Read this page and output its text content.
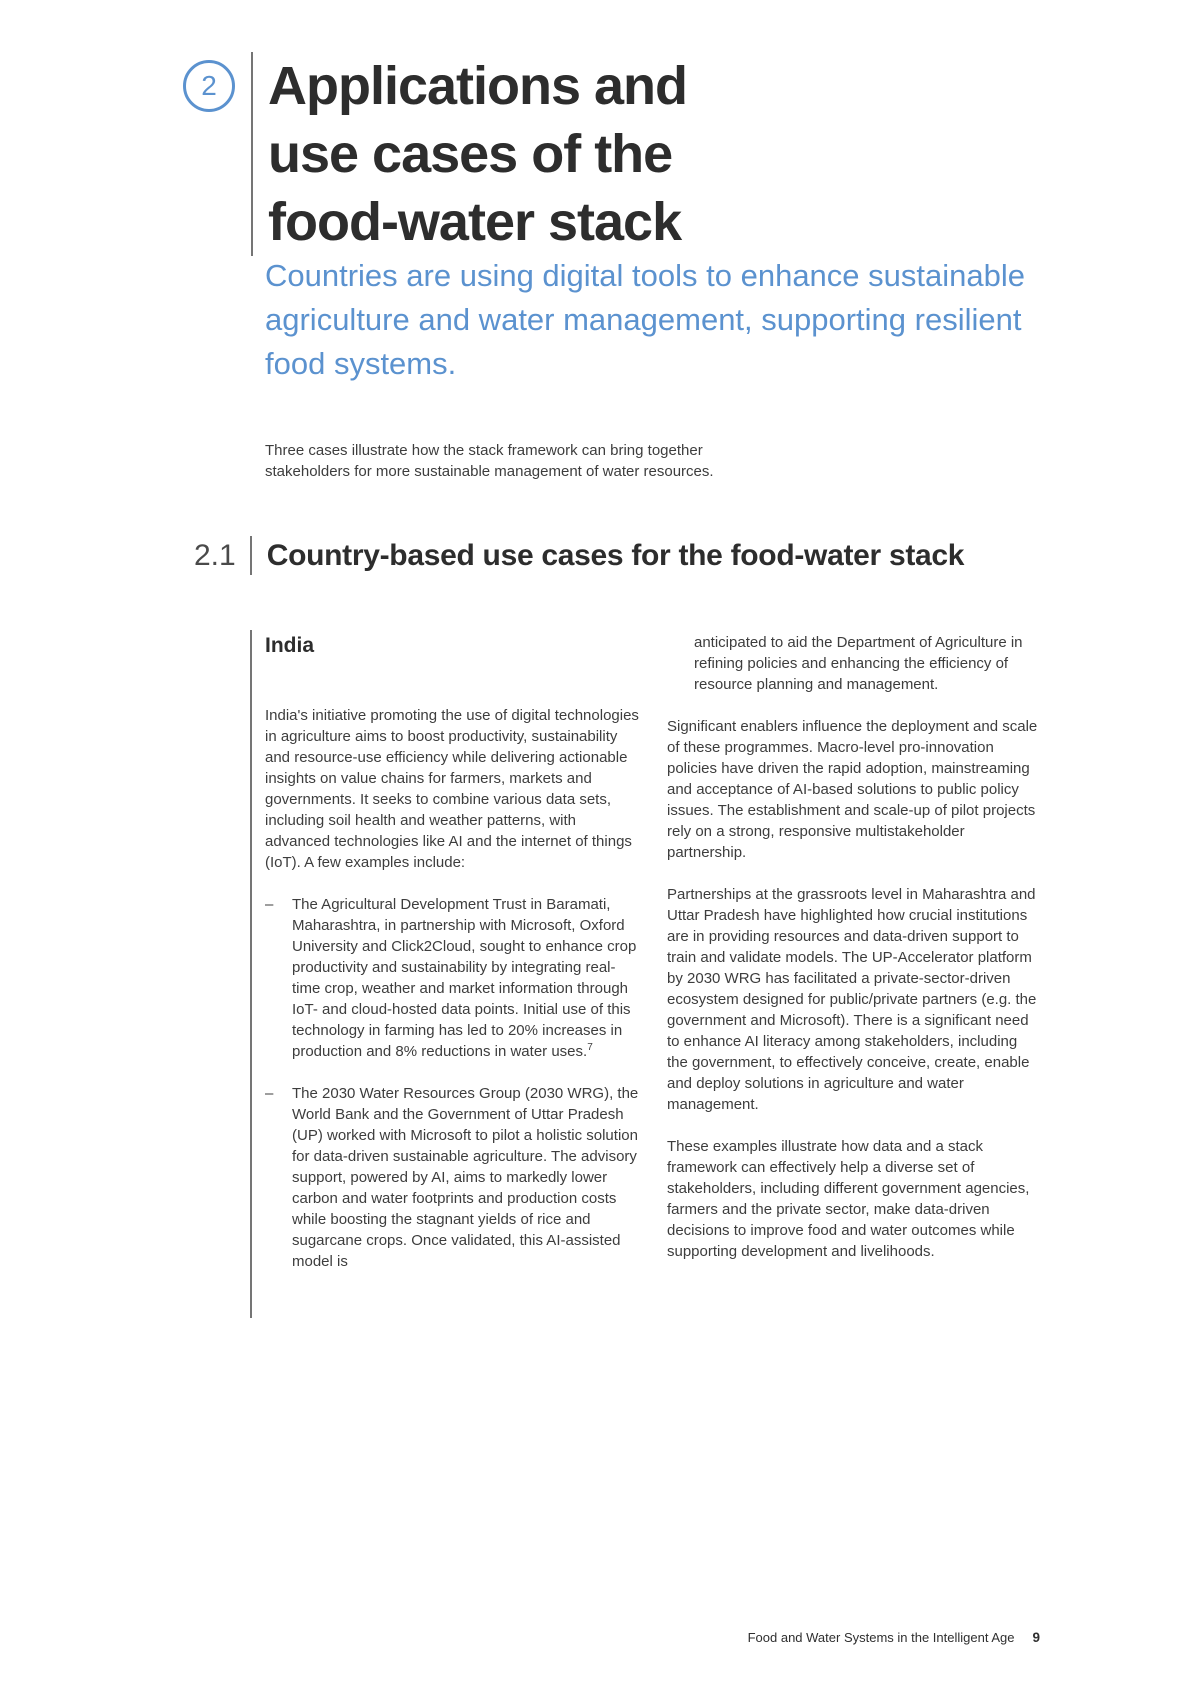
2 Applications and
use cases of the
food-water stack
Countries are using digital tools to enhance sustainable agriculture and water management, supporting resilient food systems.
Three cases illustrate how the stack framework can bring together stakeholders for more sustainable management of water resources.
2.1 Country-based use cases for the food-water stack
India

India's initiative promoting the use of digital technologies in agriculture aims to boost productivity, sustainability and resource-use efficiency while delivering actionable insights on value chains for farmers, markets and governments. It seeks to combine various data sets, including soil health and weather patterns, with advanced technologies like AI and the internet of things (IoT). A few examples include:

–	The Agricultural Development Trust in Baramati, Maharashtra, in partnership with Microsoft, Oxford University and Click2Cloud, sought to enhance crop productivity and sustainability by integrating real-time crop, weather and market information through IoT- and cloud-hosted data points. Initial use of this technology in farming has led to 20% increases in production and 8% reductions in water uses.$^7$
–	The 2030 Water Resources Group (2030 WRG), the World Bank and the Government of Uttar Pradesh (UP) worked with Microsoft to pilot a holistic solution for data-driven sustainable agriculture. The advisory support, powered by AI, aims to markedly lower carbon and water footprints and production costs while boosting the stagnant yields of rice and sugarcane crops. Once validated, this AI-assisted model is

anticipated to aid the Department of Agriculture in refining policies and enhancing the efficiency of resource planning and management.

Significant enablers influence the deployment and scale of these programmes. Macro-level pro-innovation policies have driven the rapid adoption, mainstreaming and acceptance of AI-based solutions to public policy issues. The establishment and scale-up of pilot projects rely on a strong, responsive multistakeholder partnership.

Partnerships at the grassroots level in Maharashtra and Uttar Pradesh have highlighted how crucial institutions are in providing resources and data-driven support to train and validate models. The UP-Accelerator platform by 2030 WRG has facilitated a private-sector-driven ecosystem designed for public/private partners (e.g. the government and Microsoft). There is a significant need to enhance AI literacy among stakeholders, including the government, to effectively conceive, create, enable and deploy solutions in agriculture and water management.

These examples illustrate how data and a stack framework can effectively help a diverse set of stakeholders, including different government agencies, farmers and the private sector, make data-driven decisions to improve food and water outcomes while supporting development and livelihoods.

Food and Water Systems in the Intelligent Age 9
